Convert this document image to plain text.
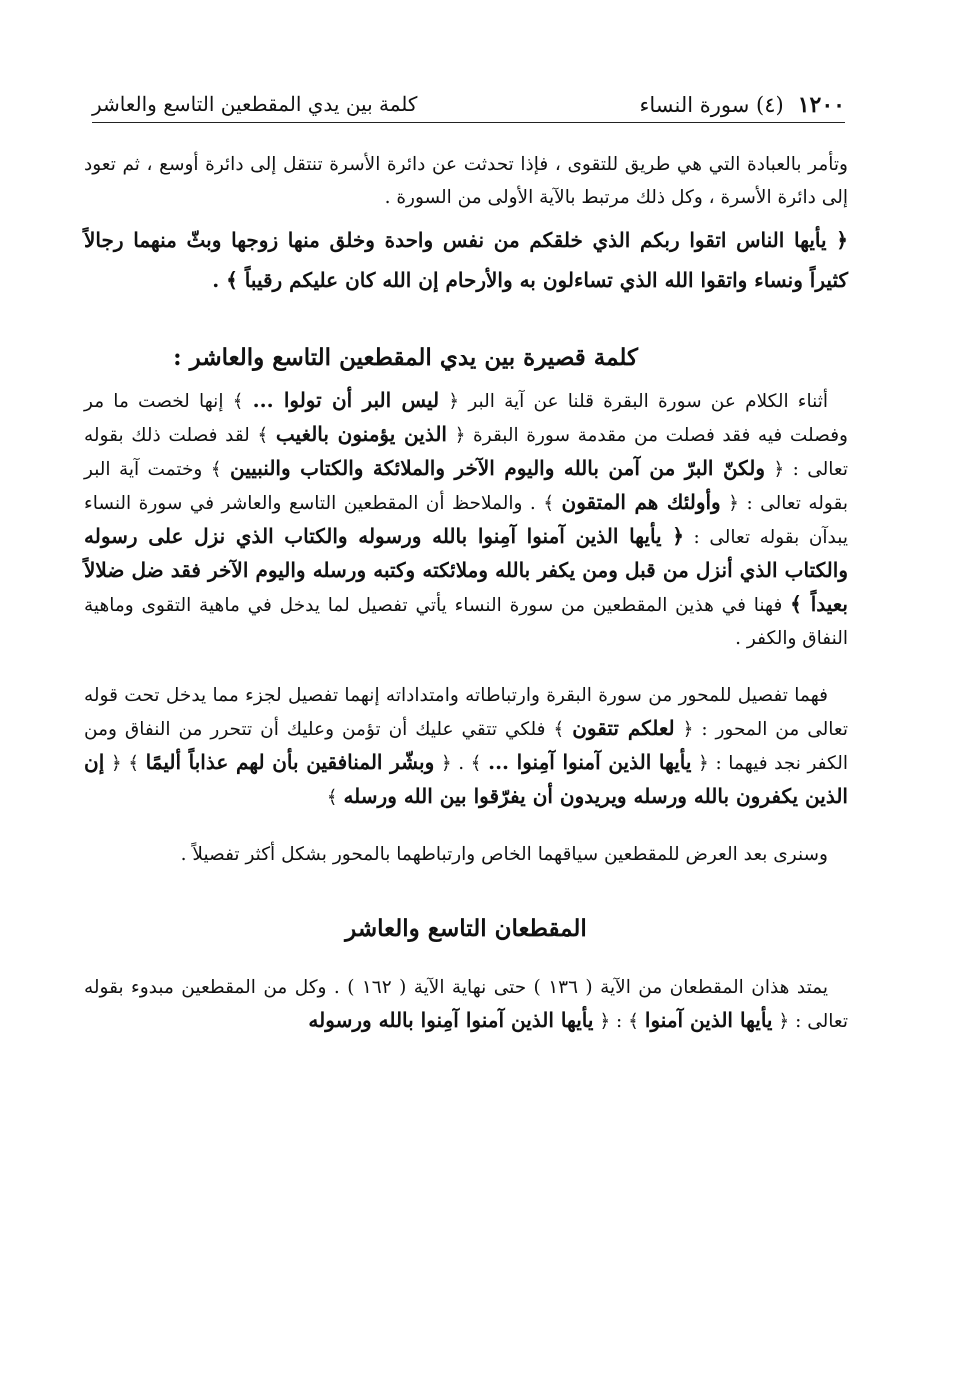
١٢٠٠
(٤) سورة النساء
كلمة بين يدي المقطعين التاسع والعاشر

وتأمر بالعبادة التي هي طريق للتقوى ، فإذا تحدثت عن دائرة الأسرة تنتقل إلى دائرة أوسع ، ثم تعود إلى دائرة الأسرة ، وكل ذلك مرتبط بالآية الأولى من السورة .

﴿ يأيها الناس اتقوا ربكم الذي خلقكم من نفس واحدة وخلق منها زوجها وبثّ منهما رجالاً كثيراً ونساء واتقوا الله الذي تساءلون به والأرحام إن الله كان عليكم رقيباً ﴾ .

كلمة قصيرة بين يدي المقطعين التاسع والعاشر :

أثناء الكلام عن سورة البقرة قلنا عن آية البر ﴿ ليس البر أن تولوا ... ﴾ إنها لخصت ما مر وفصلت فيه فقد فصلت من مقدمة سورة البقرة ﴿ الذين يؤمنون بالغيب ﴾ لقد فصلت ذلك بقوله تعالى : ﴿ ولكنّ البرّ من آمن بالله واليوم الآخر والملائكة والكتاب والنبيين ﴾ وختمت آية البر بقوله تعالى : ﴿ وأولئك هم المتقون ﴾ . والملاحظ أن المقطعين التاسع والعاشر في سورة النساء يبدآن بقوله تعالى : ﴿ يأيها الذين آمنوا آمِنوا بالله ورسوله والكتاب الذي نزل على رسوله والكتاب الذي أنزل من قبل ومن يكفر بالله وملائكته وكتبه ورسله واليوم الآخر فقد ضل ضلالاً بعيداً ﴾ فهنا في هذين المقطعين من سورة النساء يأتي تفصيل لما يدخل في ماهية التقوى وماهية النفاق والكفر .

فهما تفصيل للمحور من سورة البقرة وارتباطاته وامتداداته إنهما تفصيل لجزء مما يدخل تحت قوله تعالى من المحور : ﴿ لعلكم تتقون ﴾ فلكي تتقي عليك أن تؤمن وعليك أن تتحرر من النفاق ومن الكفر نجد فيهما : ﴿ يأيها الذين آمنوا آمِنوا ... ﴾ . ﴿ وبشّر المنافقين بأن لهم عذاباً أليمًا ﴾ ﴿ إن الذين يكفرون بالله ورسله ويريدون أن يفرّقوا بين الله ورسله ﴾

وسنرى بعد العرض للمقطعين سياقهما الخاص وارتباطهما بالمحور بشكل أكثر تفصيلاً .

المقطعان التاسع والعاشر

يمتد هذان المقطعان من الآية ( ١٣٦ ) حتى نهاية الآية ( ١٦٢ ) . وكل من المقطعين مبدوء بقوله تعالى : ﴿ يأيها الذين آمنوا ﴾ : ﴿ يأيها الذين آمنوا آمِنوا بالله ورسوله
